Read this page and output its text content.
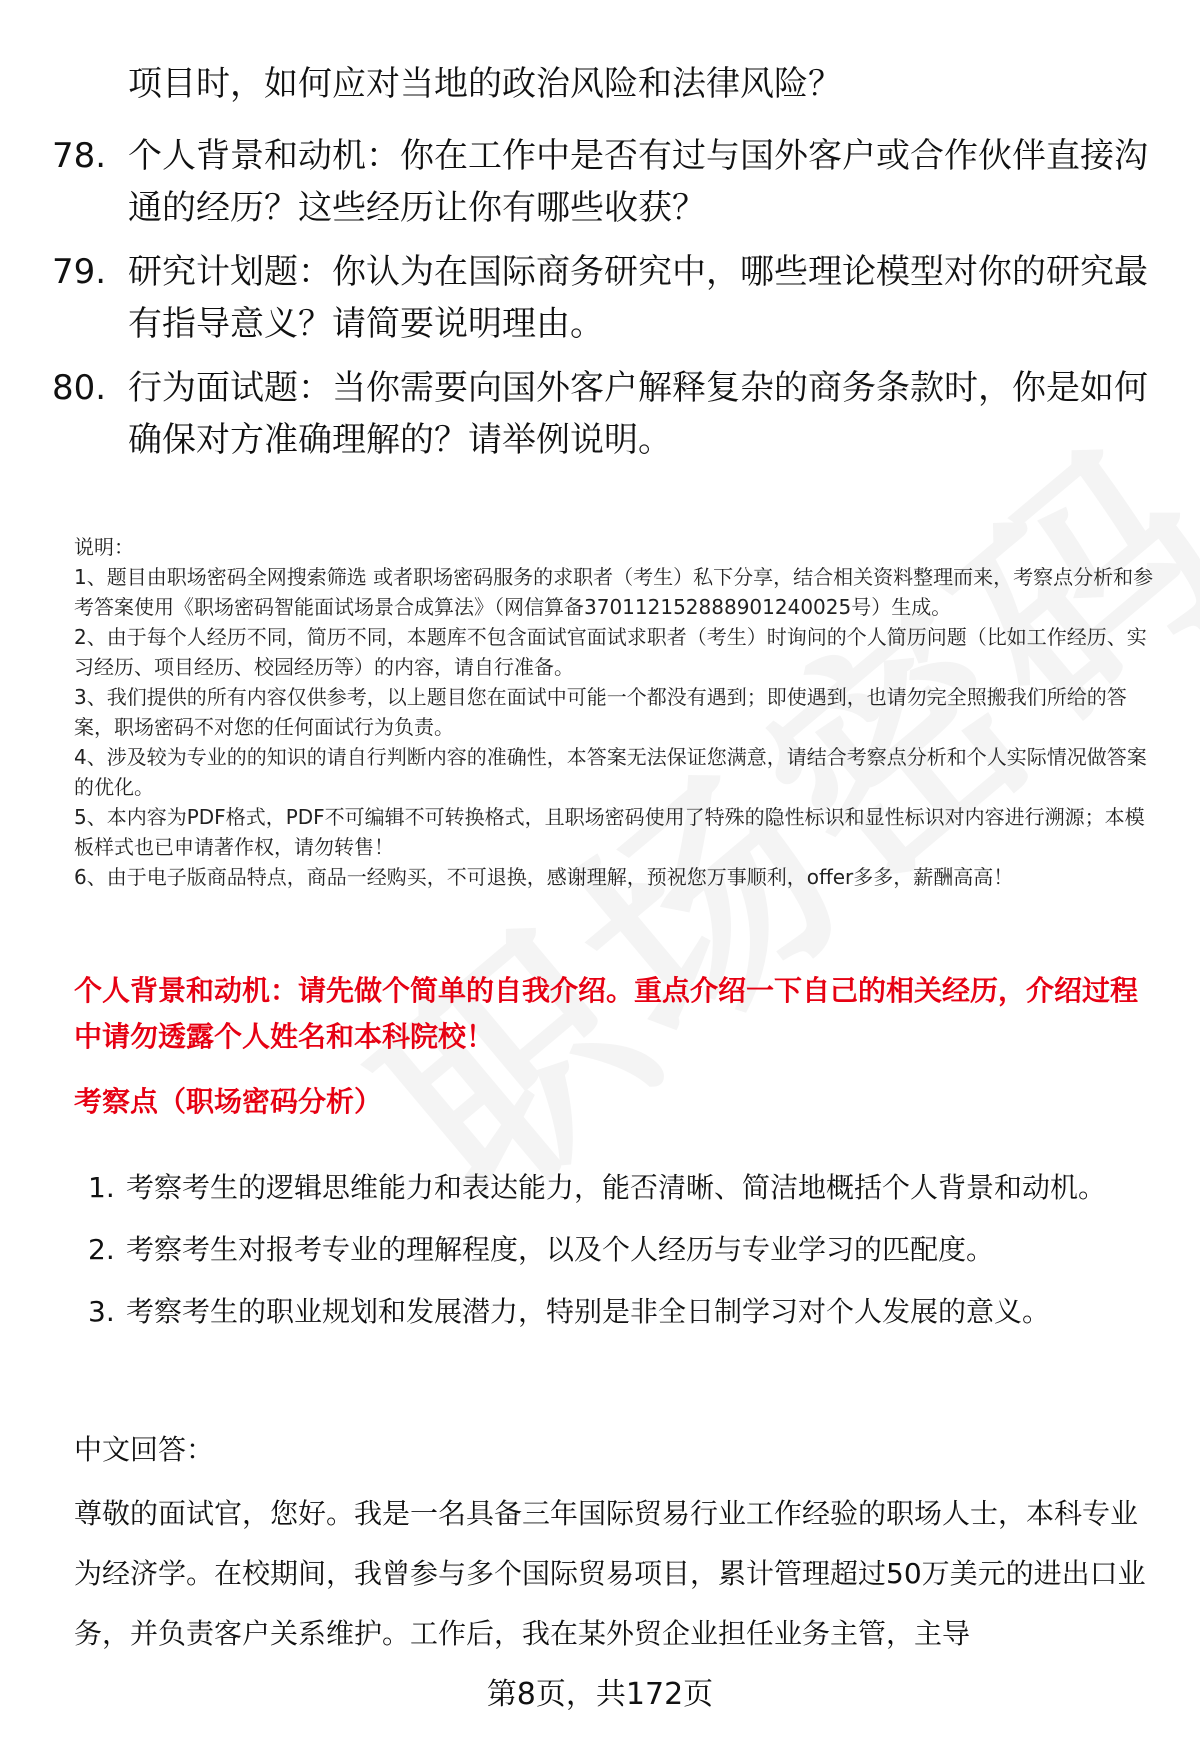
项目时，如何应对当地的政治风险和法律风险？
78. 个人背景和动机：你在工作中是否有过与国外客户或合作伙伴直接沟通的经历？这些经历让你有哪些收获？
79. 研究计划题：你认为在国际商务研究中，哪些理论模型对你的研究最有指导意义？请简要说明理由。
80. 行为面试题：当你需要向国外客户解释复杂的商务条款时，你是如何确保对方准确理解的？请举例说明。

说明：

1、题目由职场密码全网搜索筛选 或者职场密码服务的求职者（考生）私下分享，结合相关资料整理而来，考察点分析和参考答案使用《职场密码智能面试场景合成算法》（网信算备370112152888901240025号）生成。

2、由于每个人经历不同，简历不同，本题库不包含面试官面试求职者（考生）时询问的个人简历问题（比如工作经历、实习经历、项目经历、校园经历等）的内容，请自行准备。

3、我们提供的所有内容仅供参考，以上题目您在面试中可能一个都没有遇到；即使遇到，也请勿完全照搬我们所给的答案，职场密码不对您的任何面试行为负责。

4、涉及较为专业的的知识的请自行判断内容的准确性，本答案无法保证您满意，请结合考察点分析和个人实际情况做答案的优化。

5、本内容为PDF格式，PDF不可编辑不可转换格式，且职场密码使用了特殊的隐性标识和显性标识对内容进行溯源；本模板样式也已申请著作权，请勿转售！

6、由于电子版商品特点，商品一经购买，不可退换，感谢理解，预祝您万事顺利，offer多多，薪酬高高！

个人背景和动机：请先做个简单的自我介绍。重点介绍一下自己的相关经历，介绍过程中请勿透露个人姓名和本科院校！
考察点（职场密码分析）
1. 考察考生的逻辑思维能力和表达能力，能否清晰、简洁地概括个人背景和动机。
2. 考察考生对报考专业的理解程度，以及个人经历与专业学习的匹配度。
3. 考察考生的职业规划和发展潜力，特别是非全日制学习对个人发展的意义。
中文回答：
尊敬的面试官，您好。我是一名具备三年国际贸易行业工作经验的职场人士，本科专业为经济学。在校期间，我曾参与多个国际贸易项目，累计管理超过50万美元的进出口业务，并负责客户关系维护。工作后，我在某外贸企业担任业务主管，主导
第8页，共172页
